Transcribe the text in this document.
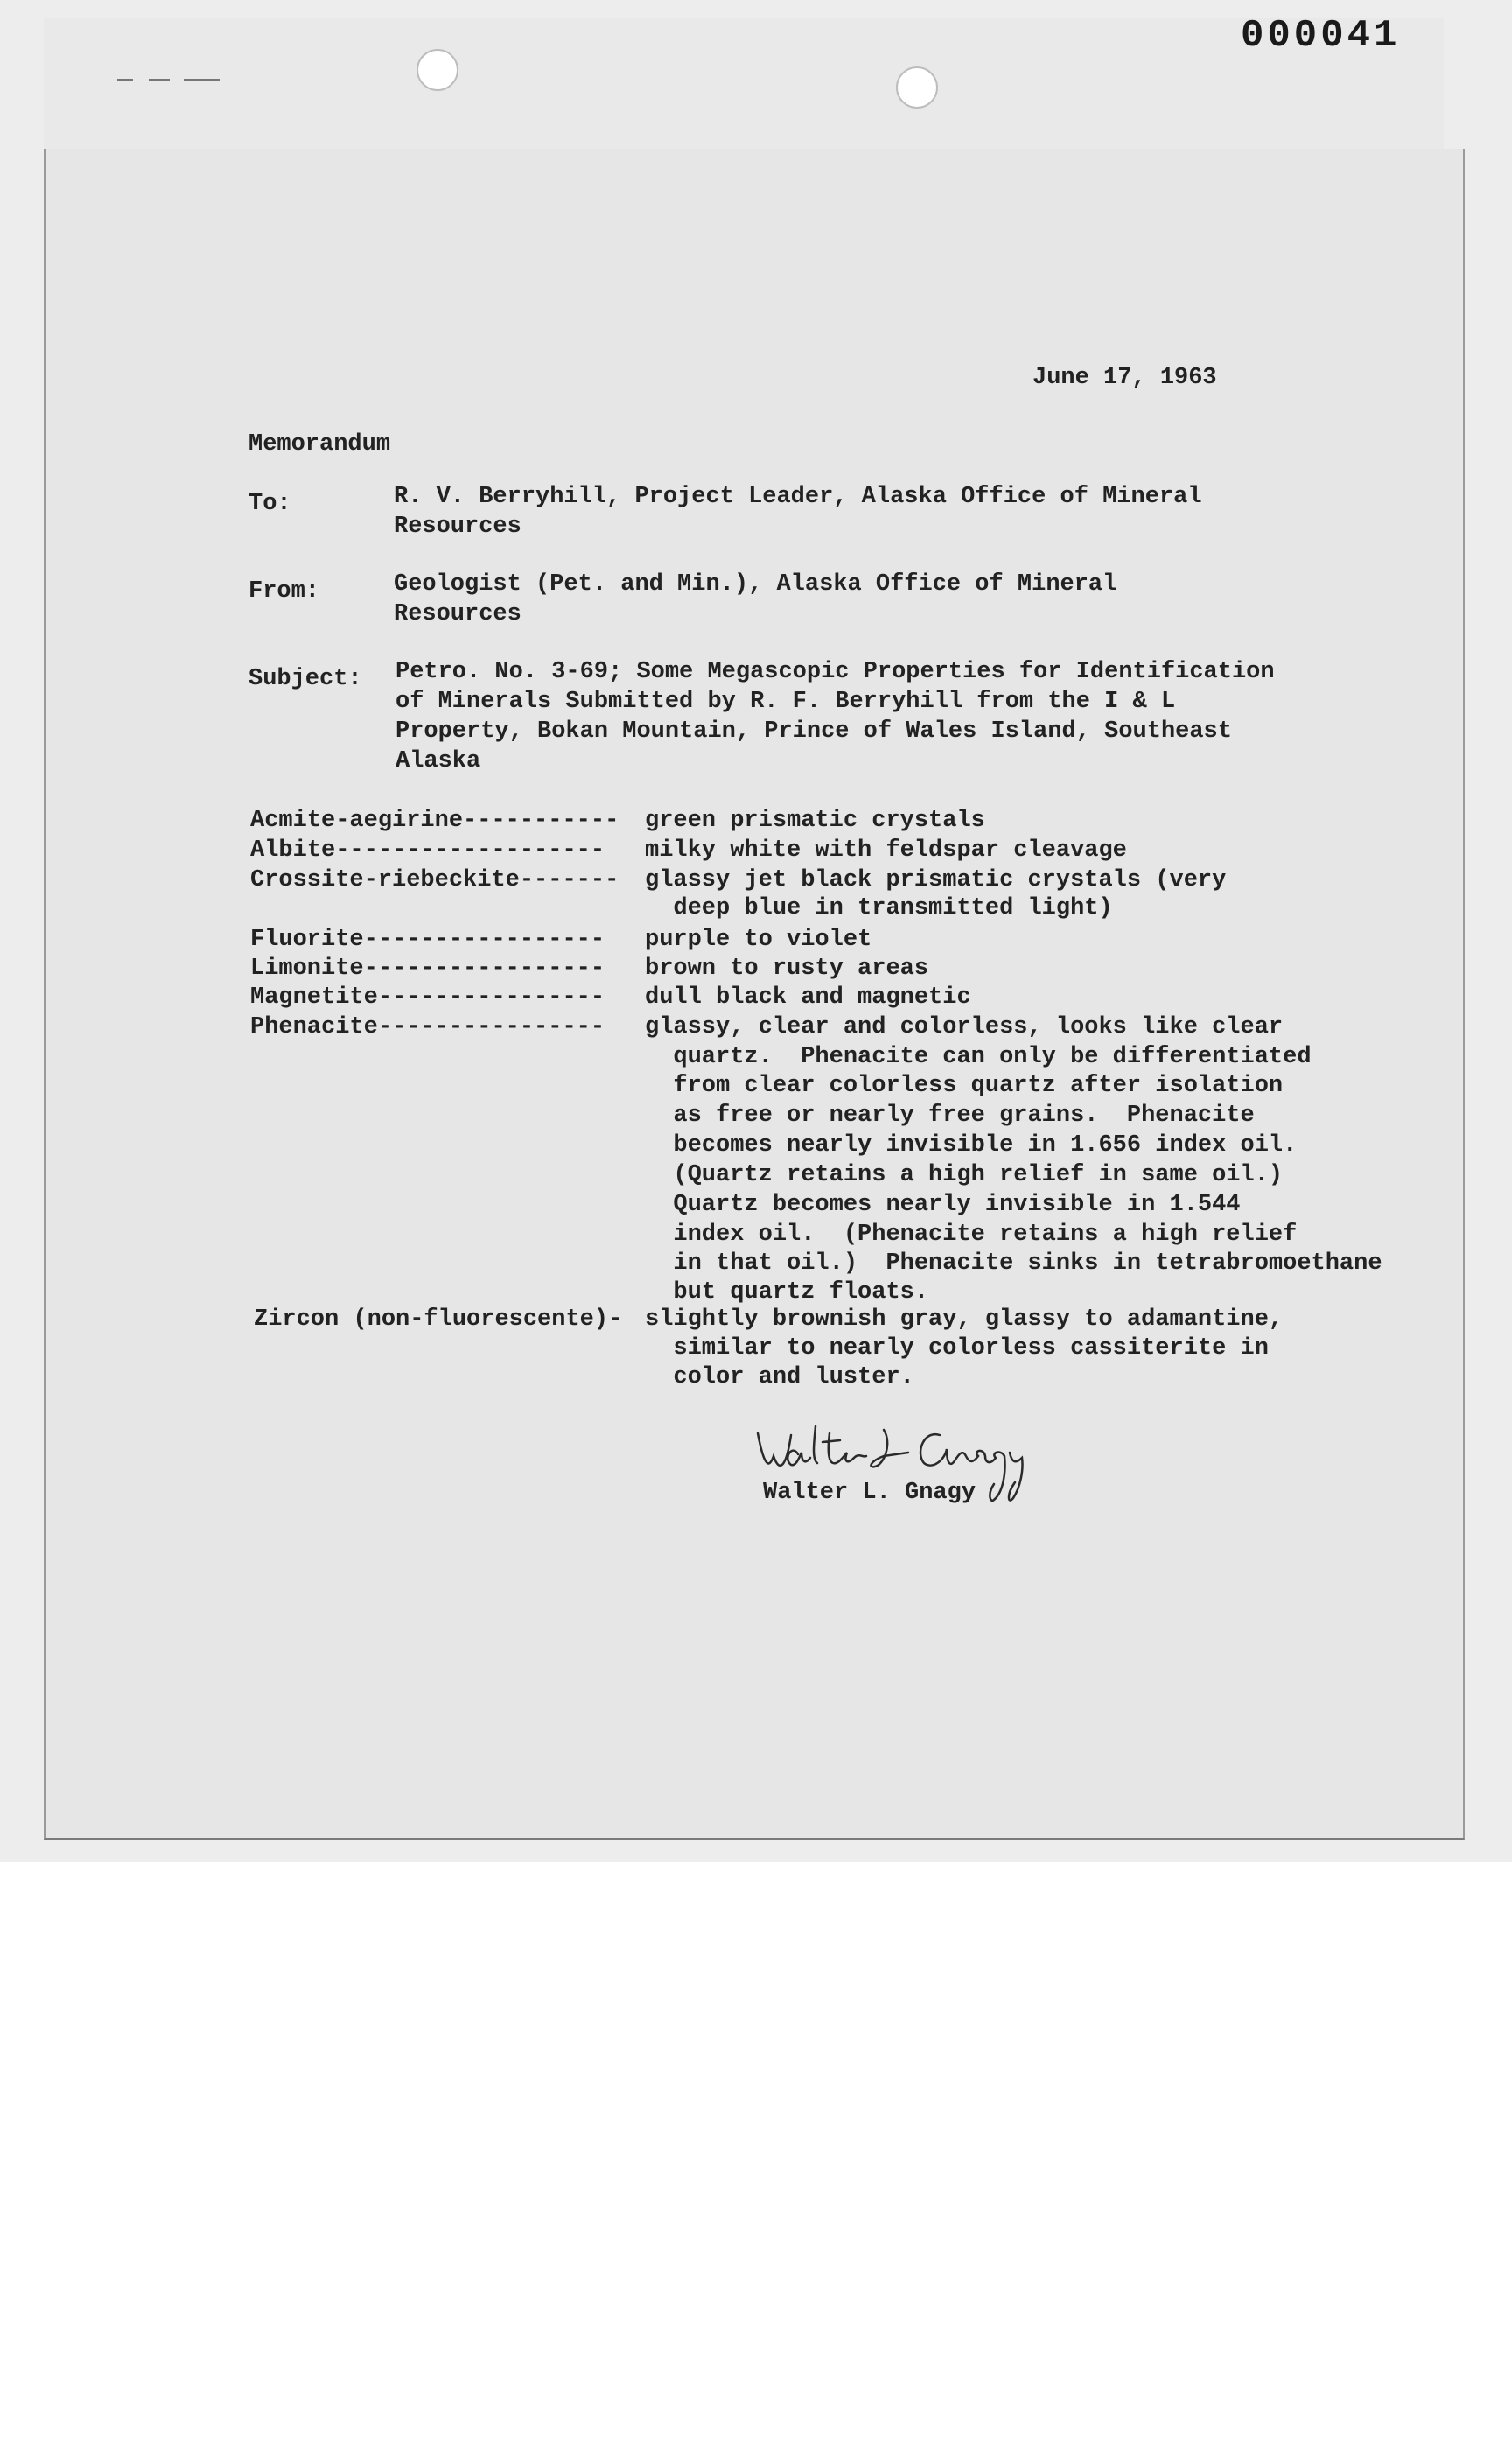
000041
June 17, 1963
Memorandum
To:	R. V. Berryhill, Project Leader, Alaska Office of Mineral
Resources
From:	Geologist (Pet. and Min.), Alaska Office of Mineral
Resources
Subject: Petro. No. 3-69; Some Megascopic Properties for Identification
of Minerals Submitted by R. F. Berryhill from the I & L
Property, Bokan Mountain, Prince of Wales Island, Southeast
Alaska
Acmite-aegirine----------- green prismatic crystals
Albite------------------- milky white with feldspar cleavage
Crossite-riebeckite------- glassy jet black prismatic crystals (very
deep blue in transmitted light)
Fluorite----------------- purple to violet
Limonite----------------- brown to rusty areas
Magnetite---------------- dull black and magnetic
Phenacite---------------- glassy, clear and colorless, looks like clear
quartz.  Phenacite can only be differentiated
from clear colorless quartz after isolation
as free or nearly free grains.  Phenacite
becomes nearly invisible in 1.656 index oil.
(Quartz retains a high relief in same oil.)
Quartz becomes nearly invisible in 1.544
index oil.  (Phenacite retains a high relief
in that oil.)  Phenacite sinks in tetrabromoethane
but quartz floats.
Zircon (non-fluorescente)- slightly brownish gray, glassy to adamantine,
similar to nearly colorless cassiterite in
color and luster.
Walter L. Gnagy
